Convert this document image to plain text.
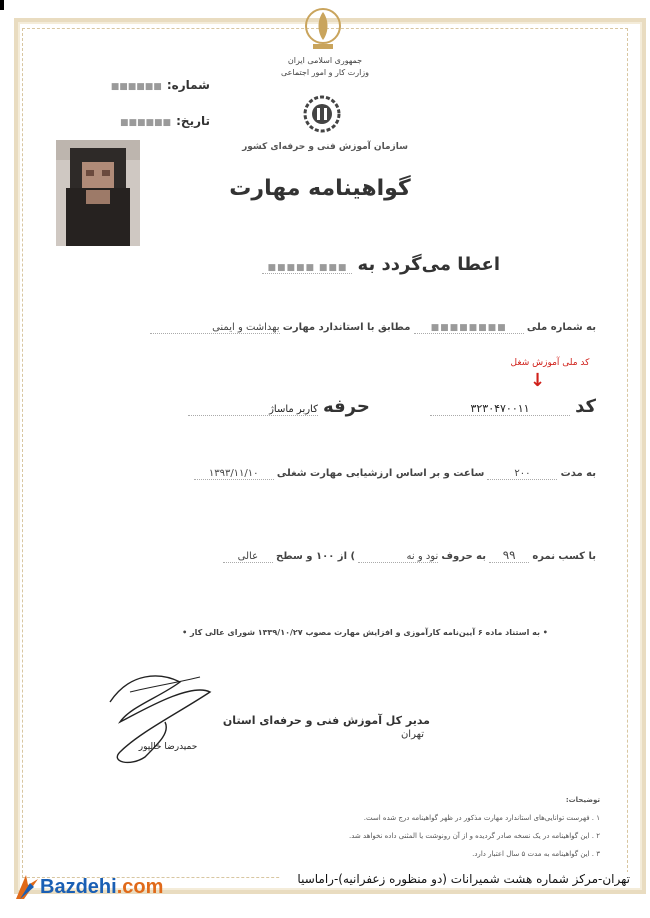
جمهوری اسلامی ایران
وزارت کار و امور اجتماعی
سازمان آموزش فنی و حرفه‌ای کشور
شماره: ■■■■■■
تاریخ: ■■■■■■
گواهینامه مهارت
اعطا می‌گردد به ■■■ ■■■■■
به شماره ملی ■■■■■■■■ مطابق با استاندارد مهارت بهداشت و ایمنی
کد ملی آموزش شغل
↓
کد ۳۲۳۰۴۷۰۰۱۱  حرفه کاربر ماساژ
به مدت ۲۰۰ ساعت و بر اساس ارزشیابی مهارت شغلی ۱۳۹۳/۱۱/۱۰
با کسب نمره ۹۹ به حروف نود و نه ) از ۱۰۰ و سطح عالی
• به استناد ماده ۶ آیین‌نامه کارآموزی و افزایش مهارت مصوب ۱۳۳۹/۱۰/۲۷ شورای عالی کار •
مدیر کل آموزش فنی و حرفه‌ای استان تهران
حمیدرضا خالپور
توضیحات:
۱ . فهرست توانایی‌های استاندارد مهارت مذکور در ظهر گواهینامه درج شده است.
۲ . این گواهینامه در یک نسخه صادر گردیده و از آن رونوشت یا المثنی داده نخواهد شد.
۳ . این گواهینامه به مدت ۵ سال اعتبار دارد.
تهران-مرکز شماره هشت شمیرانات (دو منظوره زعفرانیه)-راماسیا
Bazdehi .com
